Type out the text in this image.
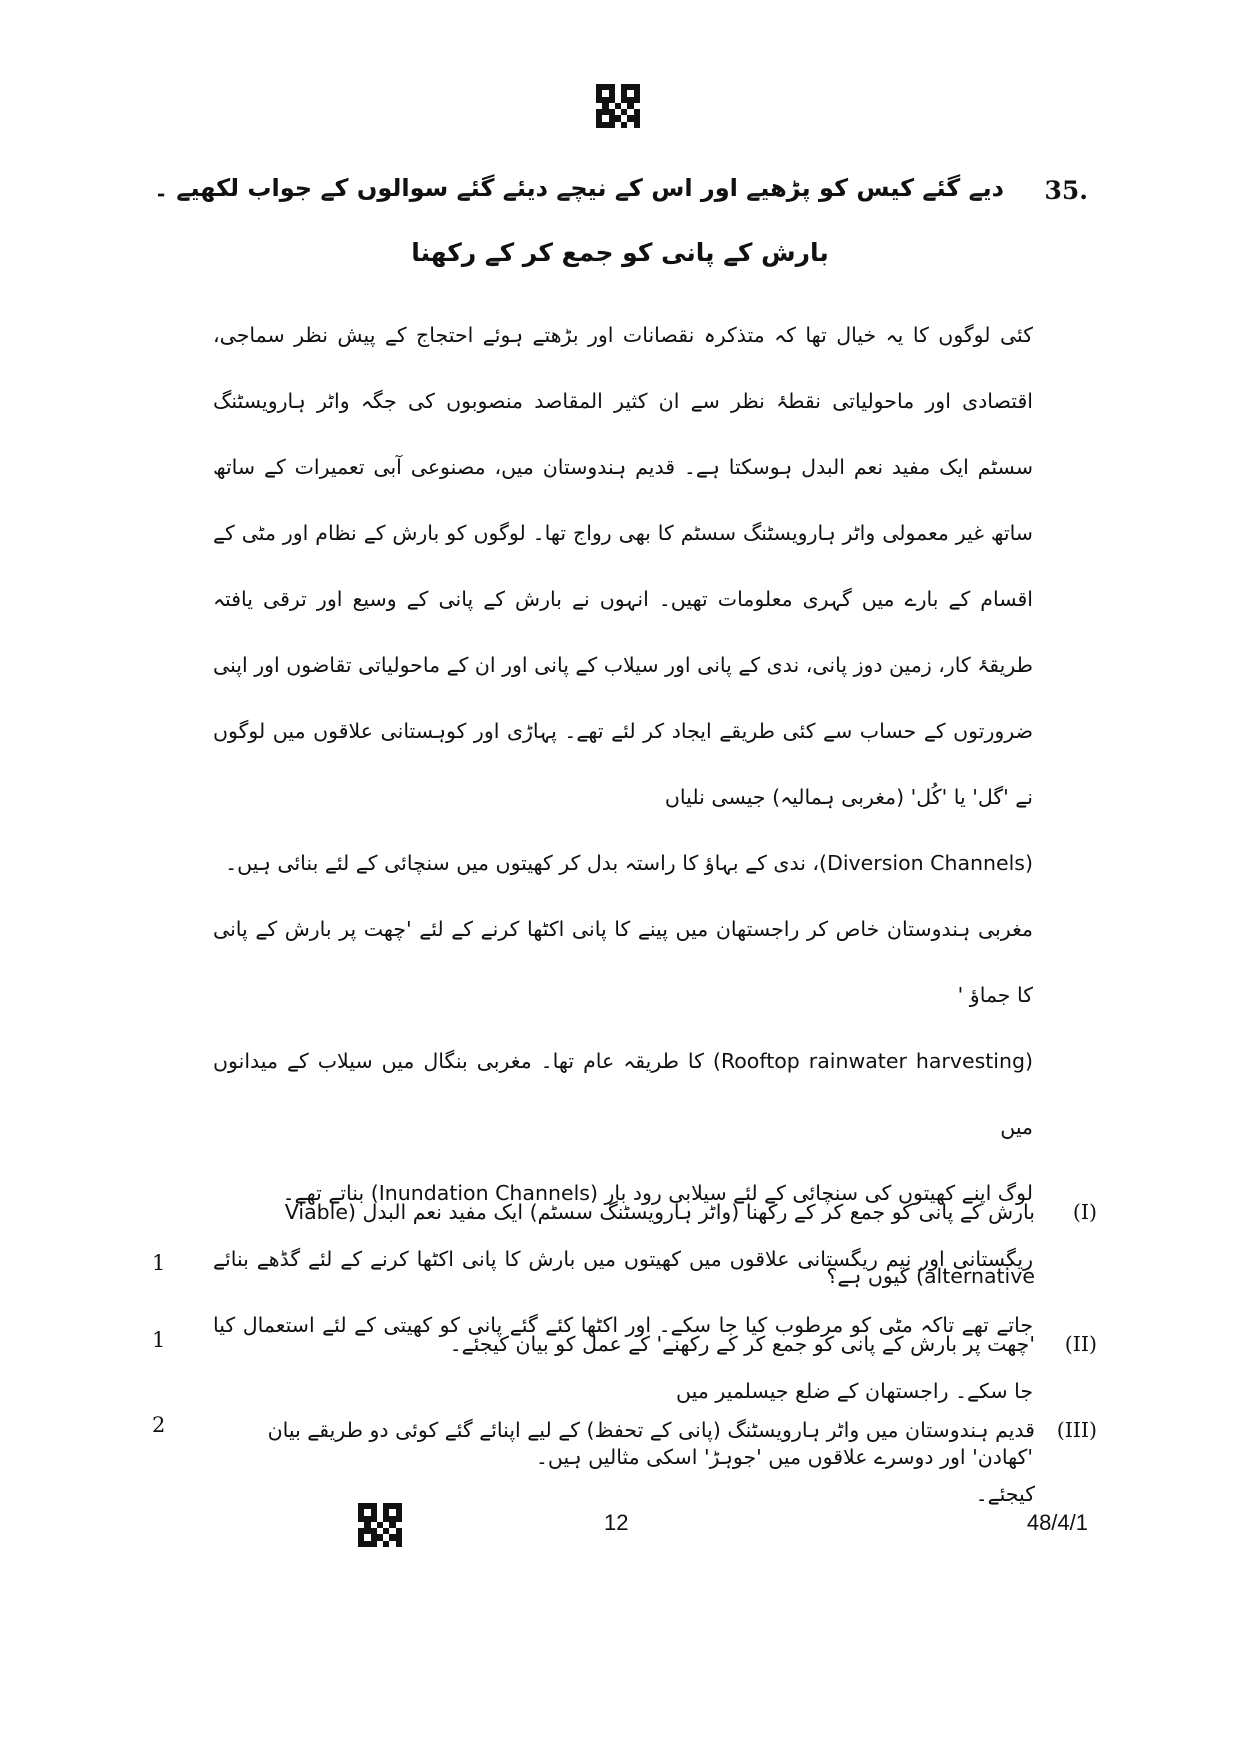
35.
دیے گئے کیس کو پڑھیے اور اس کے نیچے دیئے گئے سوالوں کے جواب لکھیے ۔
بارش کے پانی کو جمع کر کے رکھنا

کئی لوگوں کا یہ خیال تھا کہ متذکرہ نقصانات اور بڑھتے ہوئے احتجاج کے پیش نظر سماجی، اقتصادی اور ماحولیاتی نقطۂ نظر سے ان کثیر المقاصد منصوبوں کی جگہ واٹر ہارویسٹنگ سسٹم ایک مفید نعم البدل ہوسکتا ہے۔ قدیم ہندوستان میں، مصنوعی آبی تعمیرات کے ساتھ ساتھ غیر معمولی واٹر ہارویسٹنگ سسٹم کا بھی رواج تھا۔ لوگوں کو بارش کے نظام اور مٹی کے اقسام کے بارے میں گہری معلومات تھیں۔ انہوں نے بارش کے پانی کے وسیع اور ترقی یافتہ طریقۂ کار، زمین دوز پانی، ندی کے پانی اور سیلاب کے پانی اور ان کے ماحولیاتی تقاضوں اور اپنی ضرورتوں کے حساب سے کئی طریقے ایجاد کر لئے تھے۔ پہاڑی اور کوہستانی علاقوں میں لوگوں نے 'گل' یا 'کُل' (مغربی ہمالیہ) جیسی نلیاں

(Diversion Channels)، ندی کے بہاؤ کا راستہ بدل کر کھیتوں میں سنچائی کے لئے بنائی ہیں۔

مغربی ہندوستان خاص کر راجستھان میں پینے کا پانی اکٹھا کرنے کے لئے 'چھت پر بارش کے پانی کا جماؤ '

(Rooftop rainwater harvesting) کا طریقہ عام تھا۔ مغربی بنگال میں سیلاب کے میدانوں میں

لوگ اپنے کھیتوں کی سنچائی کے لئے سیلابی رود بار (Inundation Channels) بناتے تھے۔

ریگستانی اور نیم ریگستانی علاقوں میں کھیتوں میں بارش کا پانی اکٹھا کرنے کے لئے گڈھے بنائے جاتے تھے تاکہ مٹی کو مرطوب کیا جا سکے۔ اور اکٹھا کئے گئے پانی کو کھیتی کے لئے استعمال کیا جا سکے۔ راجستھان کے ضلع جیسلمیر میں

'کھادن' اور دوسرے علاقوں میں 'جوہڑ' اسکی مثالیں ہیں۔

(I)
بارش کے پانی کو جمع کر کے رکھنا (واٹر ہارویسٹنگ سسٹم) ایک مفید نعم البدل (Viable alternative) کیوں ہے؟
1
(II)
'چھت پر بارش کے پانی کو جمع کر کے رکھنے' کے عمل کو بیان کیجئے۔
1
(III)
قدیم ہندوستان میں واٹر ہارویسٹنگ (پانی کے تحفظ) کے لیے اپنائے گئے کوئی دو طریقے بیان کیجئے۔
2
12	48/4/1
